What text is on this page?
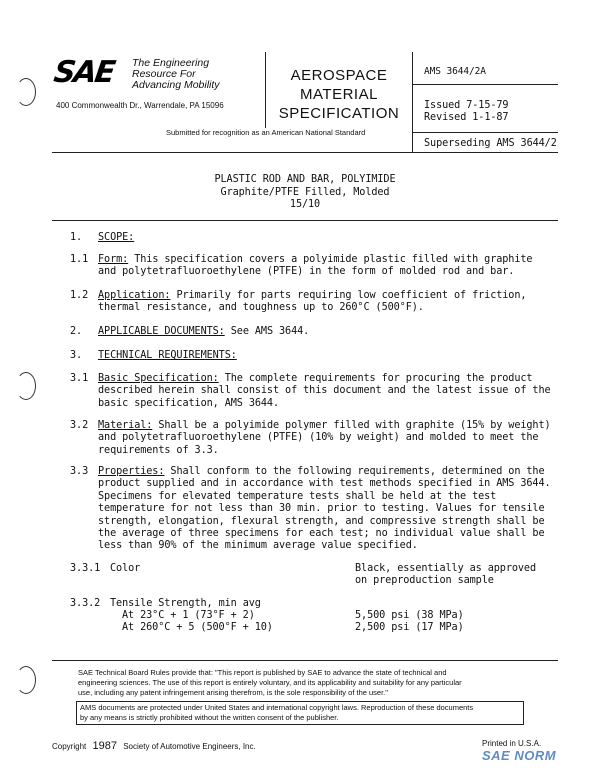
SAE The Engineering
Resource For
Advancing Mobility
400 Commonwealth Dr., Warrendale, PA 15096
AEROSPACE
MATERIAL
SPECIFICATION
AMS 3644/2A
Issued 7-15-79
Revised 1-1-87
Submitted for recognition as an American National Standard
Superseding AMS 3644/2
PLASTIC ROD AND BAR, POLYIMIDE
Graphite/PTFE Filled, Molded
15/10
1. SCOPE:
1.1 Form: This specification covers a polyimide plastic filled with graphite
and polytetrafluoroethylene (PTFE) in the form of molded rod and bar.
1.2 Application: Primarily for parts requiring low coefficient of friction,
thermal resistance, and toughness up to 260°C (500°F).
2. APPLICABLE DOCUMENTS: See AMS 3644.
3. TECHNICAL REQUIREMENTS:
3.1 Basic Specification: The complete requirements for procuring the product
described herein shall consist of this document and the latest issue of the
basic specification, AMS 3644.
3.2 Material: Shall be a polyimide polymer filled with graphite (15% by weight)
and polytetrafluoroethylene (PTFE) (10% by weight) and molded to meet the
requirements of 3.3.
3.3 Properties: Shall conform to the following requirements, determined on the
product supplied and in accordance with test methods specified in AMS 3644.
Specimens for elevated temperature tests shall be held at the test
temperature for not less than 30 min. prior to testing. Values for tensile
strength, elongation, flexural strength, and compressive strength shall be
the average of three specimens for each test; no individual value shall be
less than 90% of the minimum average value specified.
3.3.1 Color	Black, essentially as approved
on preproduction sample
3.3.2 Tensile Strength, min avg
At 23°C + 1 (73°F + 2)	5,500 psi (38 MPa)
At 260°C + 5 (500°F + 10)	2,500 psi (17 MPa)
SAE Technical Board Rules provide that: "This report is published by SAE to advance the state of technical and
engineering sciences. The use of this report is entirely voluntary, and its applicability and suitability for any particular
use, including any patent infringement arising therefrom, is the sole responsibility of the user."
AMS documents are protected under United States and international copyright laws. Reproduction of these documents
by any means is strictly prohibited without the written consent of the publisher.
Copyright 1987 Society of Automotive Engineers, Inc.	Printed in U.S.A.
SAE NORM
